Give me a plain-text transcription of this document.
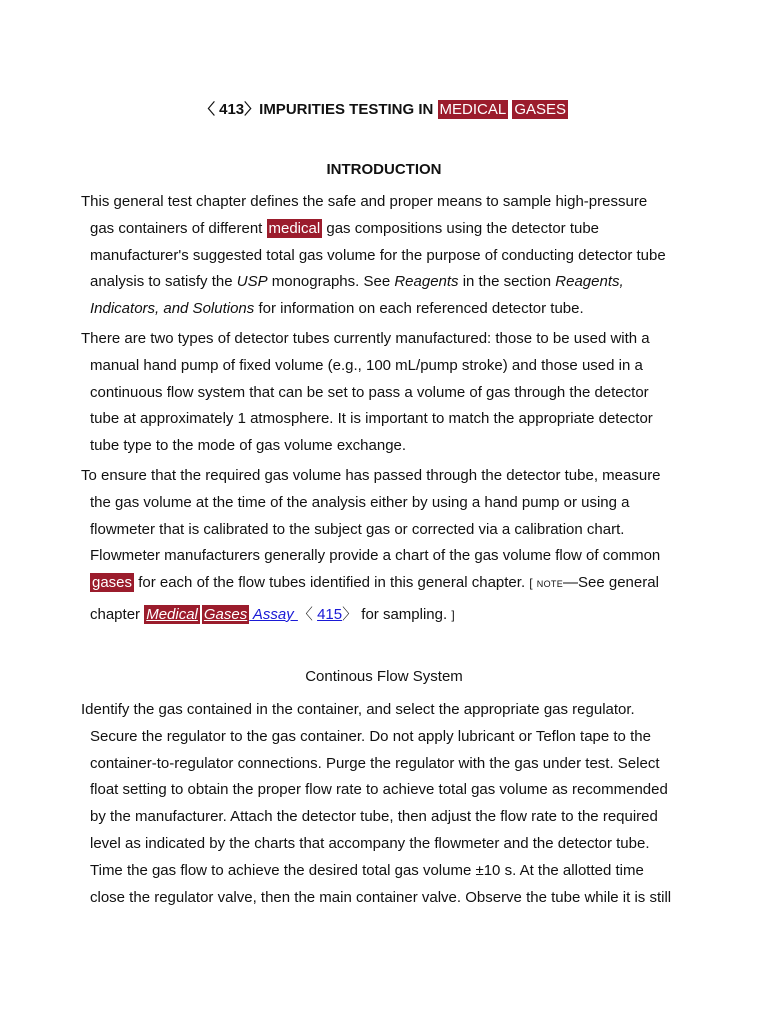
〈 413〉IMPURITIES TESTING IN MEDICAL GASES
INTRODUCTION
This general test chapter defines the safe and proper means to sample high-pressure
gas containers of different medical gas compositions using the detector tube
manufacturer's suggested total gas volume for the purpose of conducting detector tube
analysis to satisfy the USP monographs. See Reagents in the section Reagents,
Indicators, and Solutions for information on each referenced detector tube.
There are two types of detector tubes currently manufactured: those to be used with a
manual hand pump of fixed volume (e.g., 100 mL/pump stroke) and those used in a
continuous flow system that can be set to pass a volume of gas through the detector
tube at approximately 1 atmosphere. It is important to match the appropriate detector
tube type to the mode of gas volume exchange.
To ensure that the required gas volume has passed through the detector tube, measure
the gas volume at the time of the analysis either by using a hand pump or using a
flowmeter that is calibrated to the subject gas or corrected via a calibration chart.
Flowmeter manufacturers generally provide a chart of the gas volume flow of common
gases for each of the flow tubes identified in this general chapter. [ NOTE—See general
chapter Medical Gases Assay 〈 415〉 for sampling. ]
Continous Flow System
Identify the gas contained in the container, and select the appropriate gas regulator.
Secure the regulator to the gas container. Do not apply lubricant or Teflon tape to the
container-to-regulator connections. Purge the regulator with the gas under test. Select
float setting to obtain the proper flow rate to achieve total gas volume as recommended
by the manufacturer. Attach the detector tube, then adjust the flow rate to the required
level as indicated by the charts that accompany the flowmeter and the detector tube.
Time the gas flow to achieve the desired total gas volume ±10 s. At the allotted time
close the regulator valve, then the main container valve. Observe the tube while it is still
